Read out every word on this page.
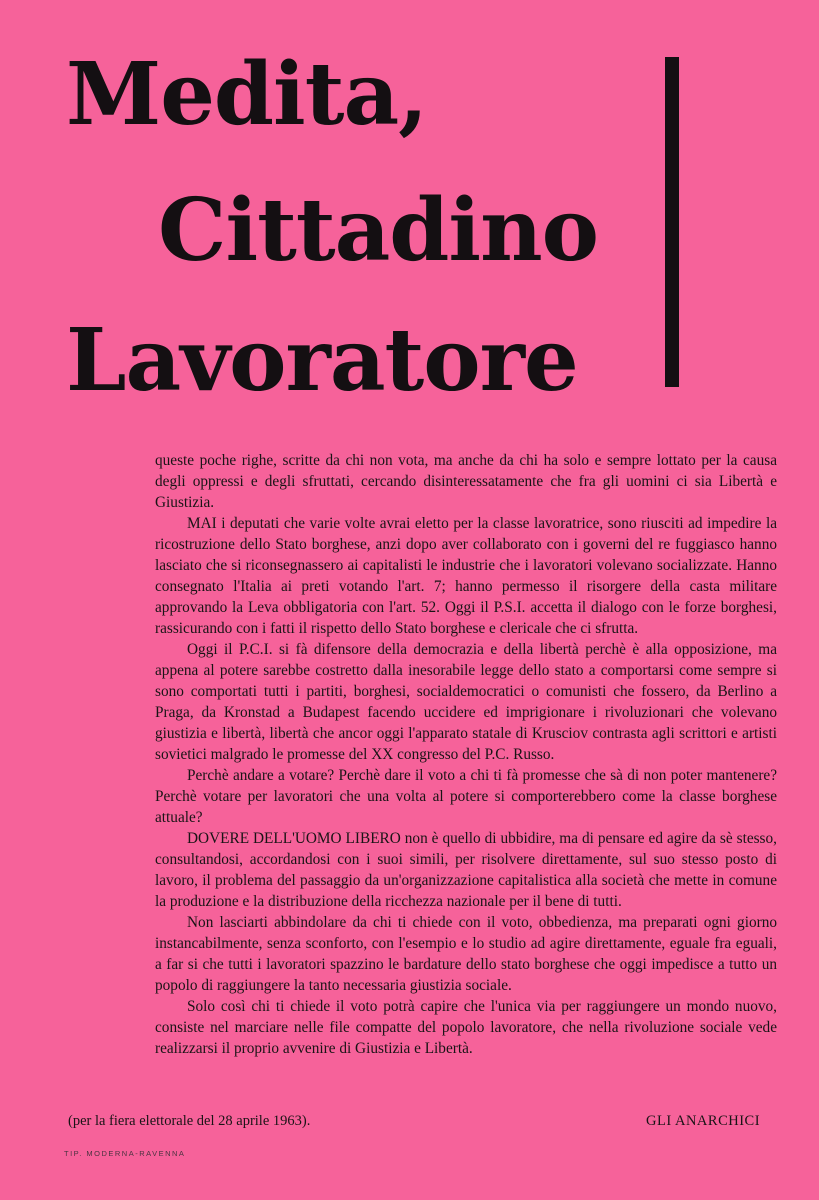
Medita,
Cittadino
Lavoratore

queste poche righe, scritte da chi non vota, ma anche da chi ha solo e sempre lottato per la causa degli oppressi e degli sfruttati, cercando disinteressatamente che fra gli uomini ci sia Libertà e Giustizia.

MAI i deputati che varie volte avrai eletto per la classe lavoratrice, sono riusciti ad impedire la ricostruzione dello Stato borghese, anzi dopo aver collaborato con i governi del re fuggiasco hanno lasciato che si riconsegnassero ai capitalisti le industrie che i lavoratori volevano socializzate. Hanno consegnato l'Italia ai preti votando l'art. 7; hanno permesso il risorgere della casta militare approvando la Leva obbligatoria con l'art. 52. Oggi il P.S.I. accetta il dialogo con le forze borghesi, rassicurando con i fatti il rispetto dello Stato borghese e clericale che ci sfrutta.

Oggi il P.C.I. si fà difensore della democrazia e della libertà perchè è alla opposizione, ma appena al potere sarebbe costretto dalla inesorabile legge dello stato a comportarsi come sempre si sono comportati tutti i partiti, borghesi, socialdemocratici o comunisti che fossero, da Berlino a Praga, da Kronstad a Budapest facendo uccidere ed imprigionare i rivoluzionari che volevano giustizia e libertà, libertà che ancor oggi l'apparato statale di Krusciov contrasta agli scrittori e artisti sovietici malgrado le promesse del XX congresso del P.C. Russo.

Perchè andare a votare? Perchè dare il voto a chi ti fà promesse che sà di non poter mantenere? Perchè votare per lavoratori che una volta al potere si comporterebbero come la classe borghese attuale?

DOVERE DELL'UOMO LIBERO non è quello di ubbidire, ma di pensare ed agire da sè stesso, consultandosi, accordandosi con i suoi simili, per risolvere direttamente, sul suo stesso posto di lavoro, il problema del passaggio da un'organizzazione capitalistica alla società che mette in comune la produzione e la distribuzione della ricchezza nazionale per il bene di tutti.

Non lasciarti abbindolare da chi ti chiede con il voto, obbedienza, ma preparati ogni giorno instancabilmente, senza sconforto, con l'esempio e lo studio ad agire direttamente, eguale fra eguali, a far si che tutti i lavoratori spazzino le bardature dello stato borghese che oggi impedisce a tutto un popolo di raggiungere la tanto necessaria giustizia sociale.

Solo così chi ti chiede il voto potrà capire che l'unica via per raggiungere un mondo nuovo, consiste nel marciare nelle file compatte del popolo lavoratore, che nella rivoluzione sociale vede realizzarsi il proprio avvenire di Giustizia e Libertà.

(per la fiera elettorale del 28 aprile 1963).	GLI ANARCHICI
TIP. MODERNA-RAVENNA
